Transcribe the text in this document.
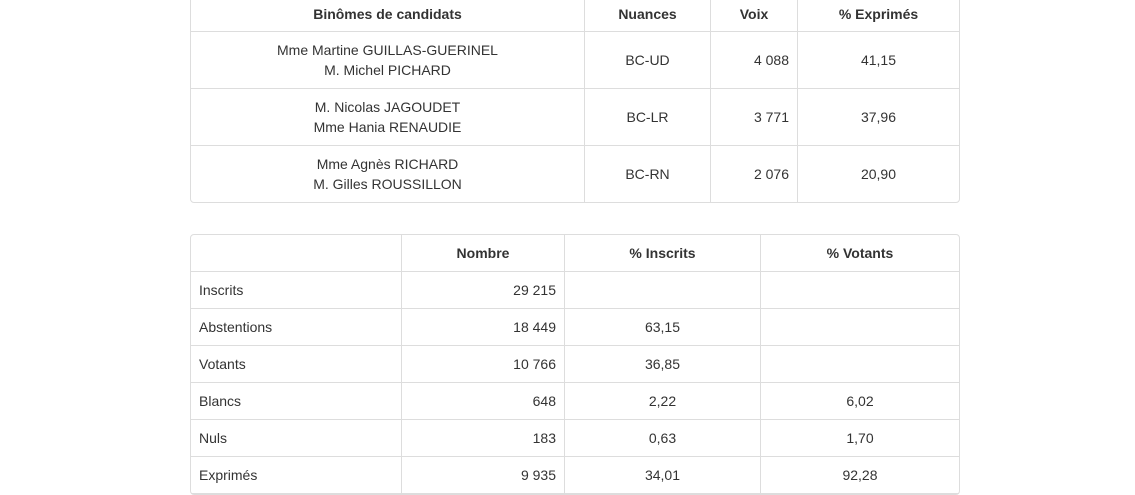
Binômes de candidats	Nuances	Voix	% Exprimés

Mme Martine GUILLAS-GUERINEL
M. Michel PICHARD	BC-UD	4 088	41,15

M. Nicolas JAGOUDET
Mme Hania RENAUDIE	BC-LR	3 771	37,96

Mme Agnès RICHARD
M. Gilles ROUSSILLON	BC-RN	2 076	20,90
	Nombre	% Inscrits	% Votants
Inscrits	29 215		
Abstentions	18 449	63,15	
Votants	10 766	36,85	
Blancs	648	2,22	6,02
Nuls	183	0,63	1,70
Exprimés	9 935	34,01	92,28
